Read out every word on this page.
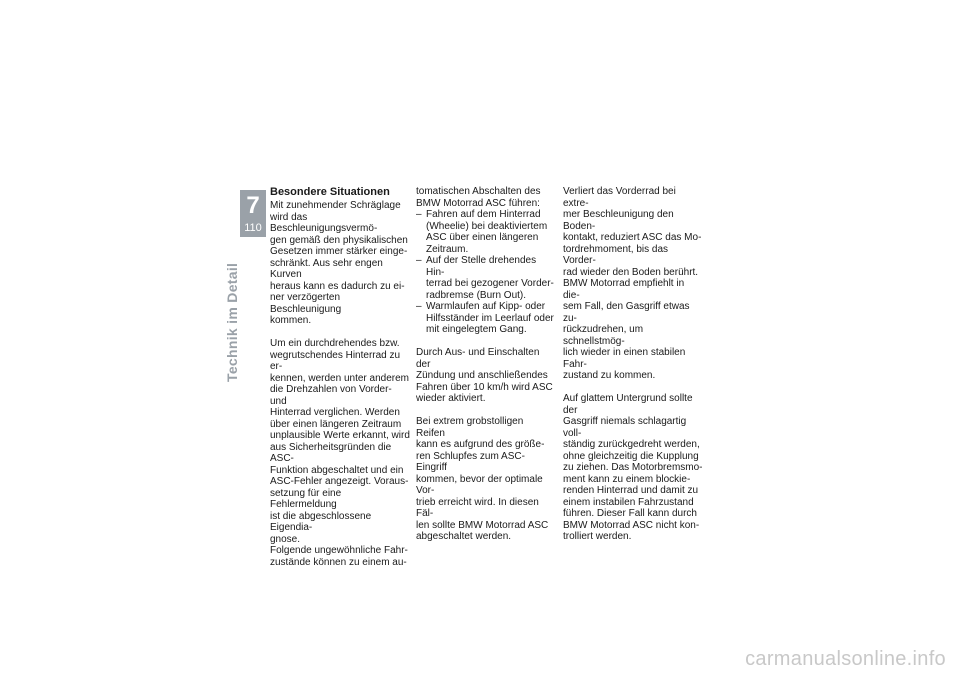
7
110
Technik im Detail
Besondere Situationen

Mit zunehmender Schräglage
wird das Beschleunigungsvermö-
gen gemäß den physikalischen
Gesetzen immer stärker einge-
schränkt. Aus sehr engen Kurven
heraus kann es dadurch zu ei-
ner verzögerten Beschleunigung
kommen.

Um ein durchdrehendes bzw.
wegrutschendes Hinterrad zu er-
kennen, werden unter anderem
die Drehzahlen von Vorder- und
Hinterrad verglichen. Werden
über einen längeren Zeitraum
unplausible Werte erkannt, wird
aus Sicherheitsgründen die ASC-
Funktion abgeschaltet und ein
ASC-Fehler angezeigt. Voraus-
setzung für eine Fehlermeldung
ist die abgeschlossene Eigendia-
gnose.

Folgende ungewöhnliche Fahr-
zustände können zu einem au-

tomatischen Abschalten des
BMW Motorrad ASC führen:

– Fahren auf dem Hinterrad
(Wheelie) bei deaktiviertem
ASC über einen längeren
Zeitraum.
– Auf der Stelle drehendes Hin-
terrad bei gezogener Vorder-
radbremse (Burn Out).
– Warmlaufen auf Kipp- oder
Hilfsständer im Leerlauf oder
mit eingelegtem Gang.

Durch Aus- und Einschalten der
Zündung und anschließendes
Fahren über 10 km/h wird ASC
wieder aktiviert.

Bei extrem grobstolligen Reifen
kann es aufgrund des größe-
ren Schlupfes zum ASC-Eingriff
kommen, bevor der optimale Vor-
trieb erreicht wird. In diesen Fäl-
len sollte BMW Motorrad ASC
abgeschaltet werden.

Verliert das Vorderrad bei extre-
mer Beschleunigung den Boden-
kontakt, reduziert ASC das Mo-
tordrehmoment, bis das Vorder-
rad wieder den Boden berührt.
BMW Motorrad empfiehlt in die-
sem Fall, den Gasgriff etwas zu-
rückzudrehen, um schnellstmög-
lich wieder in einen stabilen Fahr-
zustand zu kommen.

Auf glattem Untergrund sollte der
Gasgriff niemals schlagartig voll-
ständig zurückgedreht werden,
ohne gleichzeitig die Kupplung
zu ziehen. Das Motorbremsmo-
ment kann zu einem blockie-
renden Hinterrad und damit zu
einem instabilen Fahrzustand
führen. Dieser Fall kann durch
BMW Motorrad ASC nicht kon-
trolliert werden.

carmanualsonline.info
